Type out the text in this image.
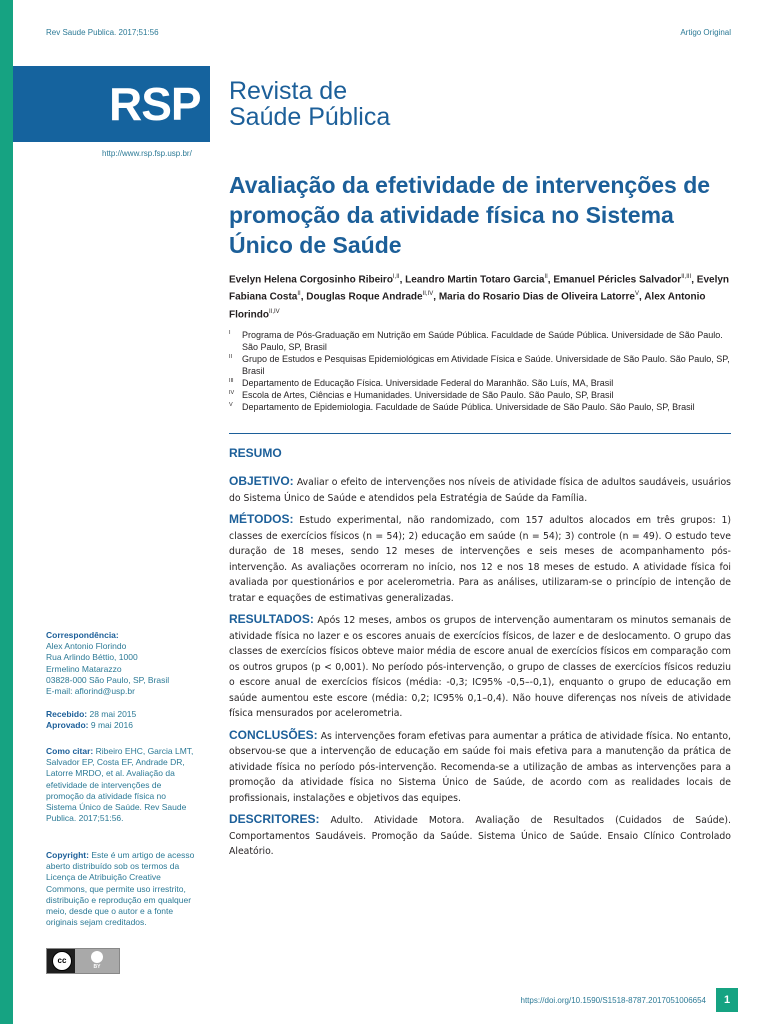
Rev Saude Publica. 2017;51:56	Artigo Original
RSP Revista de
Saúde Pública
http://www.rsp.fsp.usp.br/
Avaliação da efetividade de intervenções de promoção da atividade física no Sistema Único de Saúde
Evelyn Helena Corgosinho Ribeiro$^{I,II}$, Leandro Martin Totaro Garcia$^{II}$, Emanuel Péricles Salvador$^{II,III}$, Evelyn Fabiana Costa$^{II}$, Douglas Roque Andrade$^{II,IV}$, Maria do Rosario Dias de Oliveira Latorre$^V$, Alex Antonio Florindo$^{II,IV}$
I Programa de Pós-Graduação em Nutrição em Saúde Pública. Faculdade de Saúde Pública. Universidade de São Paulo. São Paulo, SP, Brasil
II Grupo de Estudos e Pesquisas Epidemiológicas em Atividade Física e Saúde. Universidade de São Paulo. São Paulo, SP, Brasil
III Departamento de Educação Física. Universidade Federal do Maranhão. São Luís, MA, Brasil
IV Escola de Artes, Ciências e Humanidades. Universidade de São Paulo. São Paulo, SP, Brasil
V Departamento de Epidemiologia. Faculdade de Saúde Pública. Universidade de São Paulo. São Paulo, SP, Brasil
RESUMO

OBJETIVO: Avaliar o efeito de intervenções nos níveis de atividade física de adultos saudáveis, usuários do Sistema Único de Saúde e atendidos pela Estratégia de Saúde da Família.

MÉTODOS: Estudo experimental, não randomizado, com 157 adultos alocados em três grupos: 1) classes de exercícios físicos (n = 54); 2) educação em saúde (n = 54); 3) controle (n = 49). O estudo teve duração de 18 meses, sendo 12 meses de intervenções e seis meses de acompanhamento pós-intervenção. As avaliações ocorreram no início, nos 12 e nos 18 meses de estudo. A atividade física foi avaliada por questionários e por acelerometria. Para as análises, utilizaram-se o princípio de intenção de tratar e equações de estimativas generalizadas.

RESULTADOS: Após 12 meses, ambos os grupos de intervenção aumentaram os minutos semanais de atividade física no lazer e os escores anuais de exercícios físicos, de lazer e de deslocamento. O grupo das classes de exercícios físicos obteve maior média de escore anual de exercícios físicos em comparação com os outros grupos (p < 0,001). No período pós-intervenção, o grupo de classes de exercícios físicos reduziu o escore anual de exercícios físicos (média: -0,3; IC95% -0,5–-0,1), enquanto o grupo de educação em saúde aumentou este escore (média: 0,2; IC95% 0,1–0,4). Não houve diferenças nos níveis de atividade física mensurados por acelerometria.

CONCLUSÕES: As intervenções foram efetivas para aumentar a prática de atividade física. No entanto, observou-se que a intervenção de educação em saúde foi mais efetiva para a manutenção da prática de atividade física no período pós-intervenção. Recomenda-se a utilização de ambas as intervenções para a promoção da atividade física no Sistema Único de Saúde, de acordo com as realidades locais de profissionais, instalações e objetivos das equipes.

DESCRITORES: Adulto. Atividade Motora. Avaliação de Resultados (Cuidados de Saúde). Comportamentos Saudáveis. Promoção da Saúde. Sistema Único de Saúde. Ensaio Clínico Controlado Aleatório.

Correspondência:
Alex Antonio Florindo
Rua Arlindo Béttio, 1000
Ermelino Matarazzo
03828-000 São Paulo, SP, Brasil
E-mail: aflorind@usp.br
Recebido: 28 mai 2015
Aprovado: 9 mai 2016
Como citar: Ribeiro EHC, Garcia LMT, Salvador EP, Costa EF, Andrade DR, Latorre MRDO, et al. Avaliação da efetividade de intervenções de promoção da atividade física no Sistema Único de Saúde. Rev Saude Publica. 2017;51:56.
Copyright: Este é um artigo de acesso aberto distribuído sob os termos da Licença de Atribuição Creative Commons, que permite uso irrestrito, distribuição e reprodução em qualquer meio, desde que o autor e a fonte originais sejam creditados.
cc
BY
https://doi.org/10.1590/S1518-8787.2017051006654	1
